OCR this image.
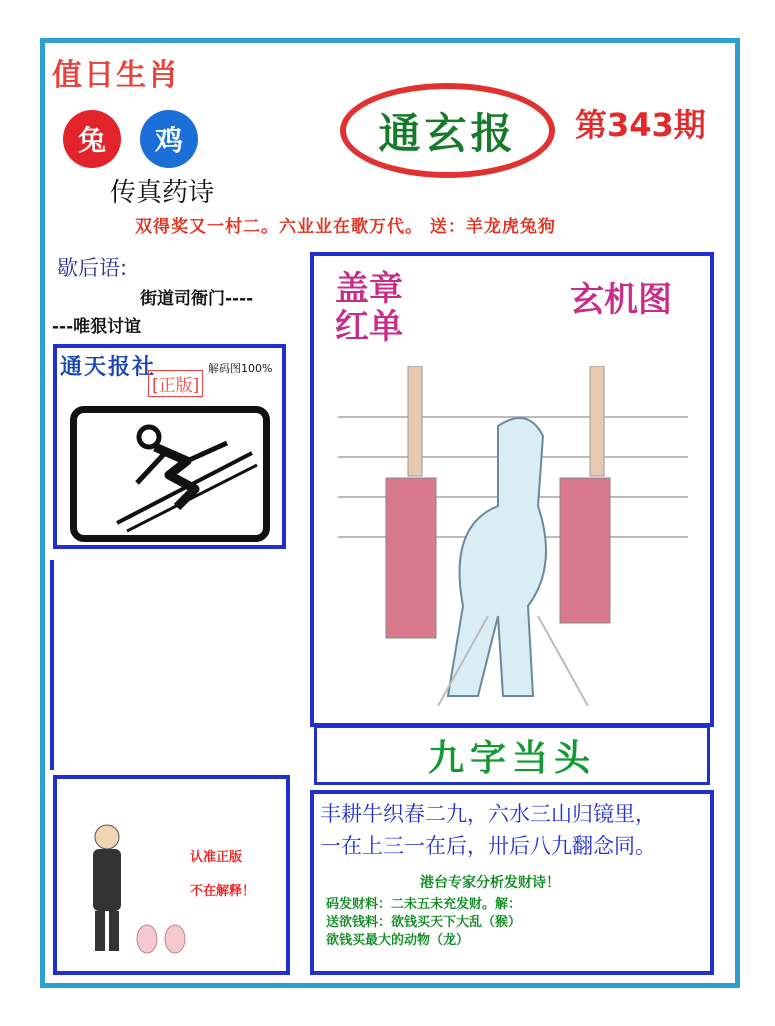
值日生肖
兔	鸡
传真药诗
通玄报	第343期
双得奖又一村二。六业业在歌万代。 送：羊龙虎兔狗
歇后语:
街道司衙门----
---唯狠讨谊
通天报社	解码图100%
[正版]
认准正版
不在解释！
盖章
红单
玄机图
九字当头
丰耕牛织春二九，六水三山归镜里，
一在上三一在后，卅后八九翻念同。
港台专家分析发财诗！
码发财料：二未五未充发财。解：
送欲钱料：欲钱买天下大乱（猴）
欲钱买最大的动物（龙）
